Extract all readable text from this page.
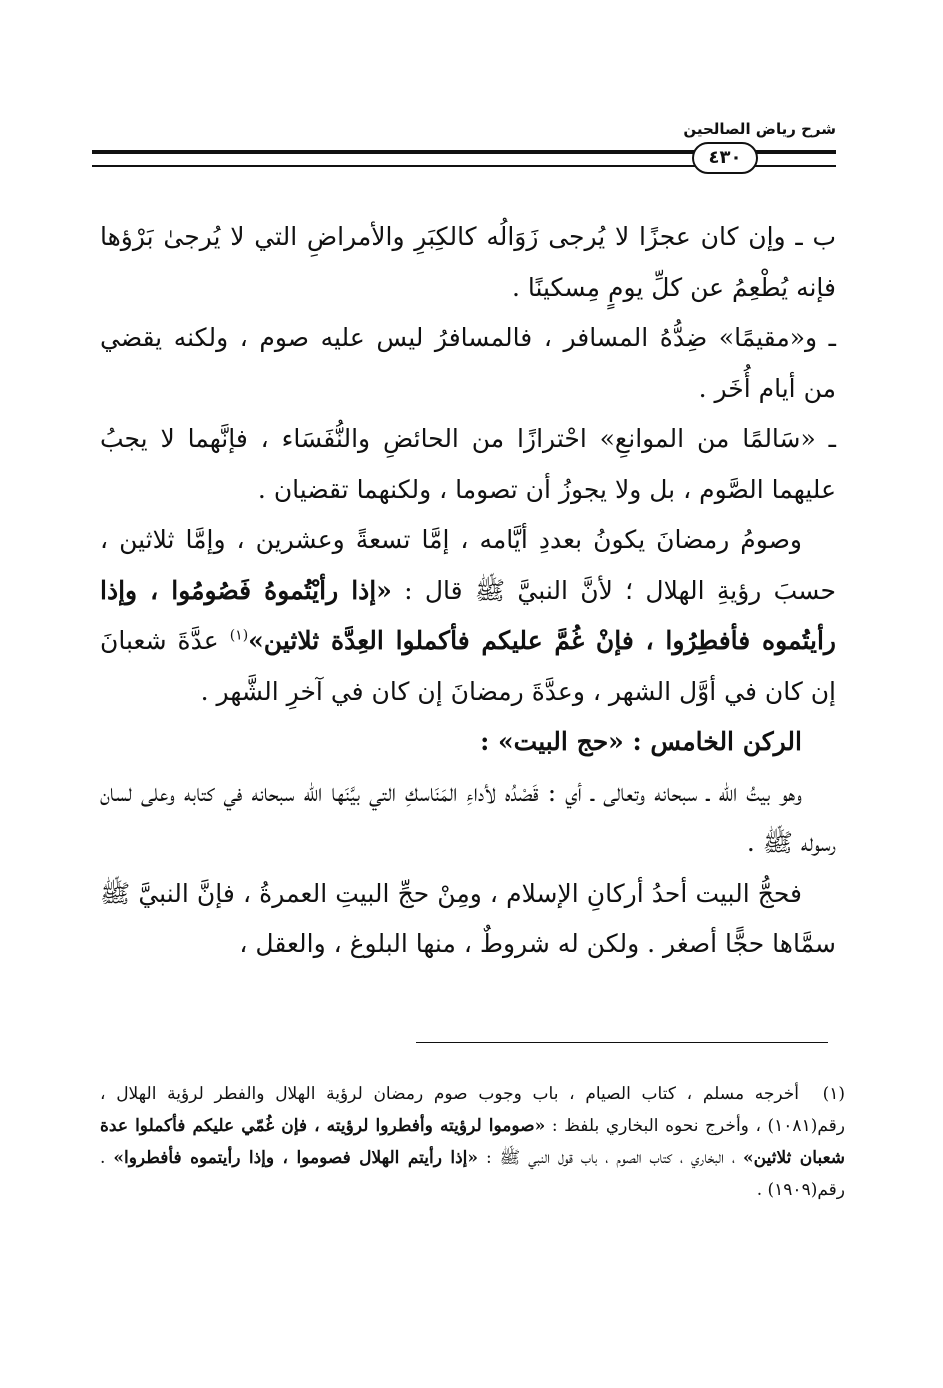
شرح رياض الصالحين
٤٣٠

ب ـ وإن كان عجزًا لا يُرجى زَوَالُه كالكِبَرِ والأمراضِ التي لا يُرجىٰ بَرْؤها فإنه يُطْعِمُ عن كلِّ يومٍ مِسكينًا .

ـ و«مقيمًا» ضِدُّهُ المسافر ، فالمسافرُ ليس عليه صوم ، ولكنه يقضي من أيام أُخَر .

ـ «سَالمًا من الموانعِ» احْترازًا من الحائضِ والنُّفَسَاء ، فإنَّهما لا يجبُ عليهما الصَّوم ، بل ولا يجوزُ أن تصوما ، ولكنهما تقضيان .

وصومُ رمضانَ يكونُ بعددِ أيَّامه ، إمَّا تسعةً وعشرين ، وإمَّا ثلاثين ، حسبَ رؤيةِ الهلال ؛ لأنَّ النبيَّ ﷺ قال : «إذا رأيْتُموهُ فَصُومُوا ، وإذا رأيتُموه فأفطِرُوا ، فإنْ غُمَّ عليكم فأكملوا العِدَّة ثلاثين»$^{(١)}$ عدَّةَ شعبانَ إن كان في أوَّل الشهر ، وعدَّةَ رمضانَ إن كان في آخرِ الشَّهر .

الركن الخامس : «حج البيت» :

وهو بيتُ الله ـ سبحانه وتعالى ـ أي : قَصْدُه لأداءِ المَنَاسكِ التي بيَّنَها الله سبحانه في كتابه وعلى لسان رسوله ﷺ .

فحجُّ البيت أحدُ أركانِ الإسلام ، ومِنْ حجِّ البيتِ العمرةُ ، فإنَّ النبيَّ ﷺ سمَّاها حجًّا أصغر . ولكن له شروطٌ ، منها البلوغ ، والعقل ،

(١)أخرجه مسلم ، كتاب الصيام ، باب وجوب صوم رمضان لرؤية الهلال والفطر لرؤية الهلال ، رقم(١٠٨١) ، وأخرج نحوه البخاري بلفظ : «صوموا لرؤيته وأفطروا لرؤيته ، فإن غُمّي عليكم فأكملوا عدة شعبان ثلاثين» ، البخاري ، كتاب الصوم ، باب قول النبي ﷺ : «إذا رأيتم الهلال فصوموا ، وإذا رأيتموه فأفطروا» . رقم(١٩٠٩) .
